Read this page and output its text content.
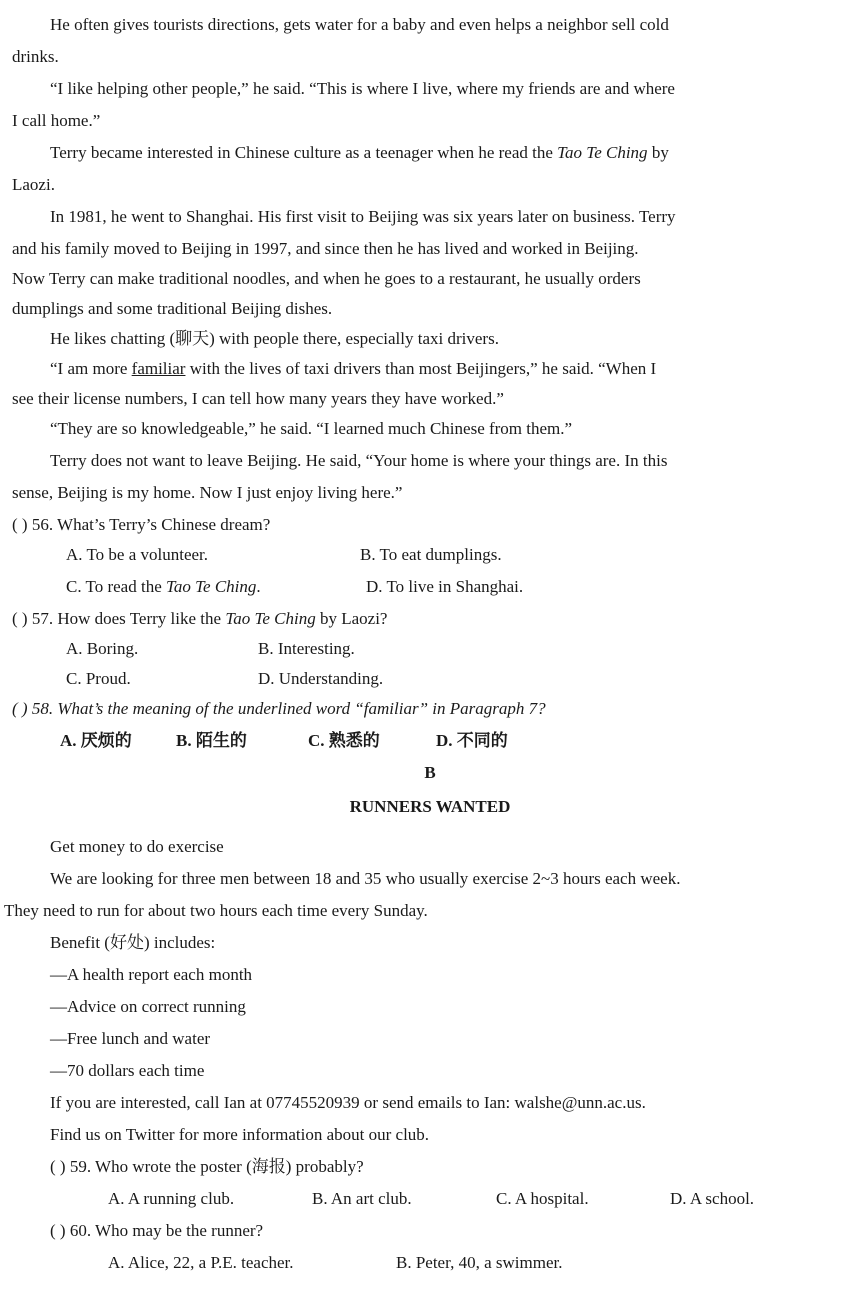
He often gives tourists directions, gets water for a baby and even helps a neighbor sell cold
drinks.
“I like helping other people,” he said. “This is where I live, where my friends are and where
I call home.”
Terry became interested in Chinese culture as a teenager when he read the Tao Te Ching by
Laozi.
In 1981, he went to Shanghai. His first visit to Beijing was six years later on business. Terry
and his family moved to Beijing in 1997, and since then he has lived and worked in Beijing.
Now Terry can make traditional noodles, and when he goes to a restaurant, he usually orders
dumplings and some traditional Beijing dishes.
He likes chatting (聊天) with people there, especially taxi drivers.
“I am more familiar with the lives of taxi drivers than most Beijingers,” he said. “When I
see their license numbers, I can tell how many years they have worked.”
“They are so knowledgeable,” he said. “I learned much Chinese from them.”
Terry does not want to leave Beijing. He said, “Your home is where your things are. In this
sense, Beijing is my home. Now I just enjoy living here.”
( ) 56. What’s Terry’s Chinese dream?
A. To be a volunteer.	B. To eat dumplings.
C. To read the Tao Te Ching.	D. To live in Shanghai.
( ) 57. How does Terry like the Tao Te Ching by Laozi?
A. Boring.	B. Interesting.
C. Proud.	D. Understanding.
( ) 58. What’s the meaning of the underlined word “familiar” in Paragraph 7?
A. 厌烦的	B. 陌生的	C. 熟悉的	D. 不同的
B
RUNNERS WANTED
Get money to do exercise
We are looking for three men between 18 and 35 who usually exercise 2~3 hours each week.
They need to run for about two hours each time every Sunday.
Benefit (好处) includes:
—A health report each month
—Advice on correct running
—Free lunch and water
—70 dollars each time
If you are interested, call Ian at 07745520939 or send emails to Ian: walshe@unn.ac.us.
Find us on Twitter for more information about our club.
( ) 59. Who wrote the poster (海报) probably?
A. A running club.	B. An art club.	C. A hospital.	D. A school.
( ) 60. Who may be the runner?
A. Alice, 22, a P.E. teacher.	B. Peter, 40, a swimmer.
